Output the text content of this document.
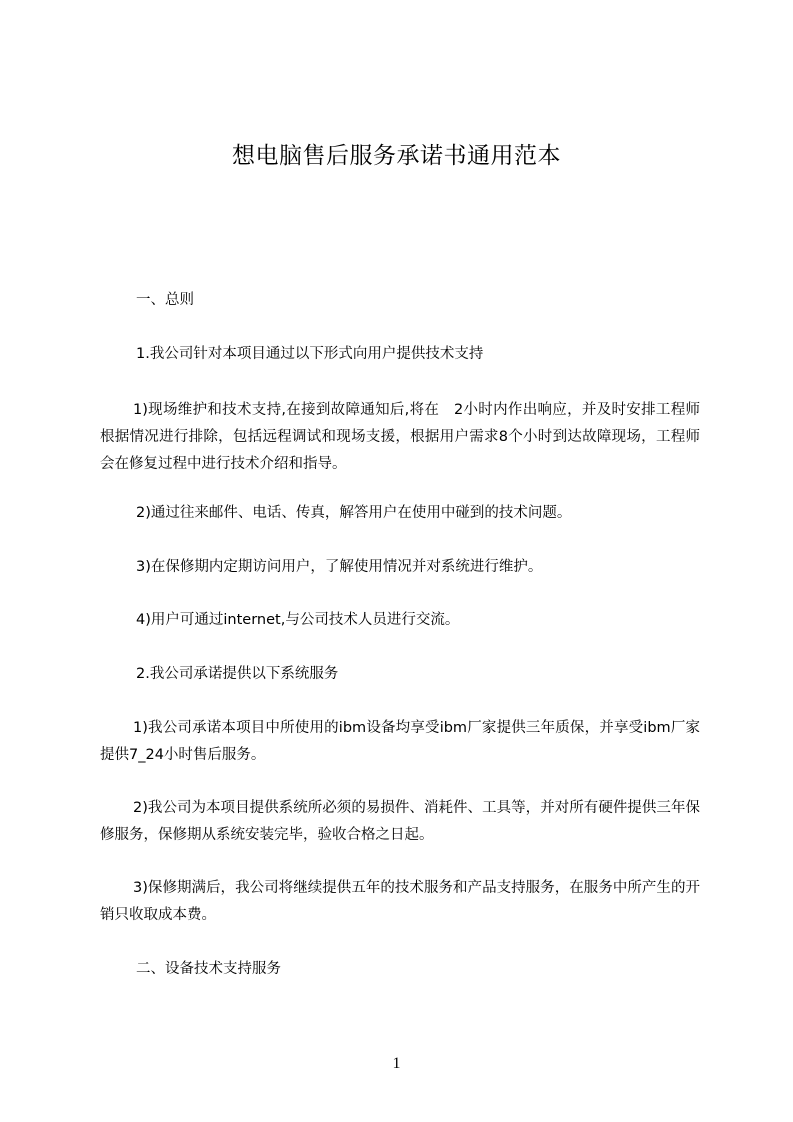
想电脑售后服务承诺书通用范本

一、总则

1.我公司针对本项目通过以下形式向用户提供技术支持

1)现场维护和技术支持,在接到故障通知后,将在　2小时内作出响应，并及时安排工程师根据情况进行排除，包括远程调试和现场支援，根据用户需求8个小时到达故障现场，工程师会在修复过程中进行技术介绍和指导。

2)通过往来邮件、电话、传真，解答用户在使用中碰到的技术问题。

3)在保修期内定期访问用户，了解使用情况并对系统进行维护。

4)用户可通过internet,与公司技术人员进行交流。

2.我公司承诺提供以下系统服务

1)我公司承诺本项目中所使用的ibm设备均享受ibm厂家提供三年质保，并享受ibm厂家提供7_24小时售后服务。

2)我公司为本项目提供系统所必须的易损件、消耗件、工具等，并对所有硬件提供三年保修服务，保修期从系统安装完毕，验收合格之日起。

3)保修期满后，我公司将继续提供五年的技术服务和产品支持服务，在服务中所产生的开销只收取成本费。

二、设备技术支持服务

1
